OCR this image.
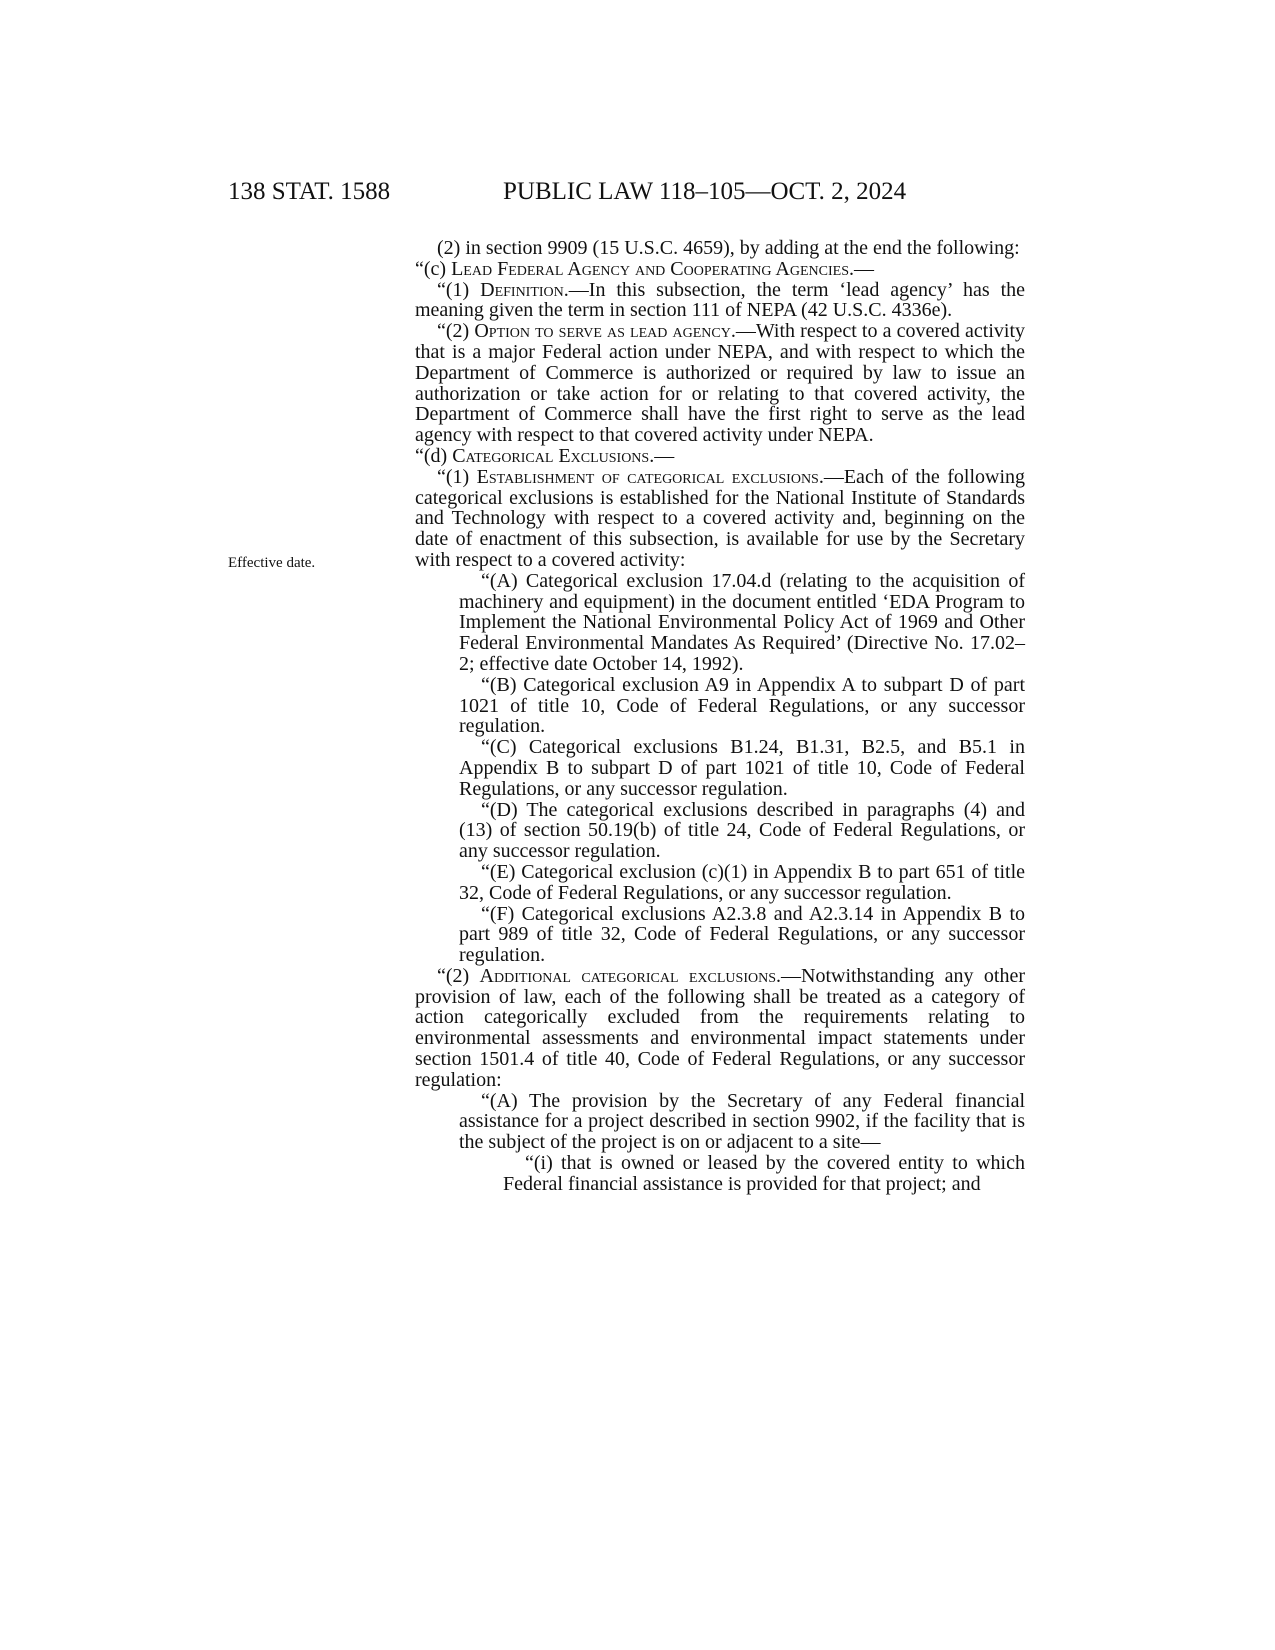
138 STAT. 1588	PUBLIC LAW 118–105—OCT. 2, 2024
Effective date.

(2) in section 9909 (15 U.S.C. 4659), by adding at the end the following:

“(c) Lead Federal Agency and Cooperating Agencies.—

“(1) Definition.—In this subsection, the term ‘lead agency’ has the meaning given the term in section 111 of NEPA (42 U.S.C. 4336e).

“(2) Option to serve as lead agency.—With respect to a covered activity that is a major Federal action under NEPA, and with respect to which the Department of Commerce is authorized or required by law to issue an authorization or take action for or relating to that covered activity, the Department of Commerce shall have the first right to serve as the lead agency with respect to that covered activity under NEPA.

“(d) Categorical Exclusions.—

“(1) Establishment of categorical exclusions.—Each of the following categorical exclusions is established for the National Institute of Standards and Technology with respect to a covered activity and, beginning on the date of enactment of this subsection, is available for use by the Secretary with respect to a covered activity:

“(A) Categorical exclusion 17.04.d (relating to the acquisition of machinery and equipment) in the document entitled ‘EDA Program to Implement the National Environmental Policy Act of 1969 and Other Federal Environmental Mandates As Required’ (Directive No. 17.02–2; effective date October 14, 1992).

“(B) Categorical exclusion A9 in Appendix A to subpart D of part 1021 of title 10, Code of Federal Regulations, or any successor regulation.

“(C) Categorical exclusions B1.24, B1.31, B2.5, and B5.1 in Appendix B to subpart D of part 1021 of title 10, Code of Federal Regulations, or any successor regulation.

“(D) The categorical exclusions described in paragraphs (4) and (13) of section 50.19(b) of title 24, Code of Federal Regulations, or any successor regulation.

“(E) Categorical exclusion (c)(1) in Appendix B to part 651 of title 32, Code of Federal Regulations, or any successor regulation.

“(F) Categorical exclusions A2.3.8 and A2.3.14 in Appendix B to part 989 of title 32, Code of Federal Regulations, or any successor regulation.

“(2) Additional categorical exclusions.—Notwithstanding any other provision of law, each of the following shall be treated as a category of action categorically excluded from the requirements relating to environmental assessments and environmental impact statements under section 1501.4 of title 40, Code of Federal Regulations, or any successor regulation:

“(A) The provision by the Secretary of any Federal financial assistance for a project described in section 9902, if the facility that is the subject of the project is on or adjacent to a site—

“(i) that is owned or leased by the covered entity to which Federal financial assistance is provided for that project; and
